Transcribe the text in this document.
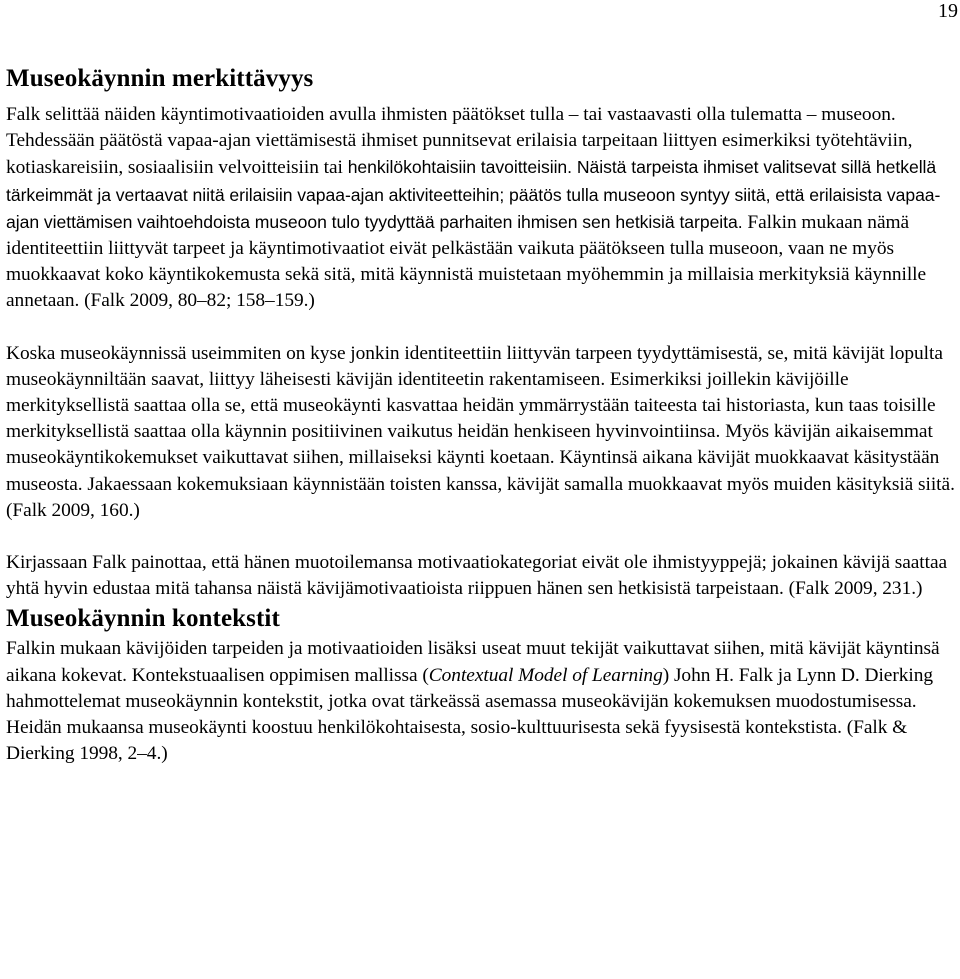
19
Museokäynnin merkittävyys

Falk selittää näiden käyntimotivaatioiden avulla ihmisten päätökset tulla – tai vastaavasti olla tulematta – museoon. Tehdessään päätöstä vapaa-ajan viettämisestä ihmiset punnitsevat erilaisia tarpeitaan liittyen esimerkiksi työtehtäviin, kotiaskareisiin, sosiaalisiin velvoitteisiin tai henkilökohtaisiin tavoitteisiin. Näistä tarpeista ihmiset valitsevat sillä hetkellä tärkeimmät ja vertaavat niitä erilaisiin vapaa-ajan aktiviteetteihin; päätös tulla museoon syntyy siitä, että erilaisista vapaa-ajan viettämisen vaihtoehdoista museoon tulo tyydyttää parhaiten ihmisen sen hetkisiä tarpeita. Falkin mukaan nämä identiteettiin liittyvät tarpeet ja käyntimotivaatiot eivät pelkästään vaikuta päätökseen tulla museoon, vaan ne myös muokkaavat koko käyntikokemusta sekä sitä, mitä käynnistä muistetaan myöhemmin ja millaisia merkityksiä käynnille annetaan. (Falk 2009, 80–82; 158–159.)

Koska museokäynnissä useimmiten on kyse jonkin identiteettiin liittyvän tarpeen tyydyttämisestä, se, mitä kävijät lopulta museokäynniltään saavat, liittyy läheisesti kävijän identiteetin rakentamiseen. Esimerkiksi joillekin kävijöille merkityksellistä saattaa olla se, että museokäynti kasvattaa heidän ymmärrystään taiteesta tai historiasta, kun taas toisille merkityksellistä saattaa olla käynnin positiivinen vaikutus heidän henkiseen hyvinvointiinsa. Myös kävijän aikaisemmat museokäyntikokemukset vaikuttavat siihen, millaiseksi käynti koetaan. Käyntinsä aikana kävijät muokkaavat käsitystään museosta. Jakaessaan kokemuksiaan käynnistään toisten kanssa, kävijät samalla muokkaavat myös muiden käsityksiä siitä. (Falk 2009, 160.)

Kirjassaan Falk painottaa, että hänen muotoilemansa motivaatiokategoriat eivät ole ihmistyyppejä; jokainen kävijä saattaa yhtä hyvin edustaa mitä tahansa näistä kävijämotivaatioista riippuen hänen sen hetkisistä tarpeistaan. (Falk 2009, 231.)

Museokäynnin kontekstit

Falkin mukaan kävijöiden tarpeiden ja motivaatioiden lisäksi useat muut tekijät vaikuttavat siihen, mitä kävijät käyntinsä aikana kokevat. Kontekstuaalisen oppimisen mallissa (Contextual Model of Learning) John H. Falk ja Lynn D. Dierking hahmottelemat museokäynnin kontekstit, jotka ovat tärkeässä asemassa museokävijän kokemuksen muodostumisessa. Heidän mukaansa museokäynti koostuu henkilökohtaisesta, sosio-kulttuurisesta sekä fyysisestä kontekstista. (Falk & Dierking 1998, 2–4.)
